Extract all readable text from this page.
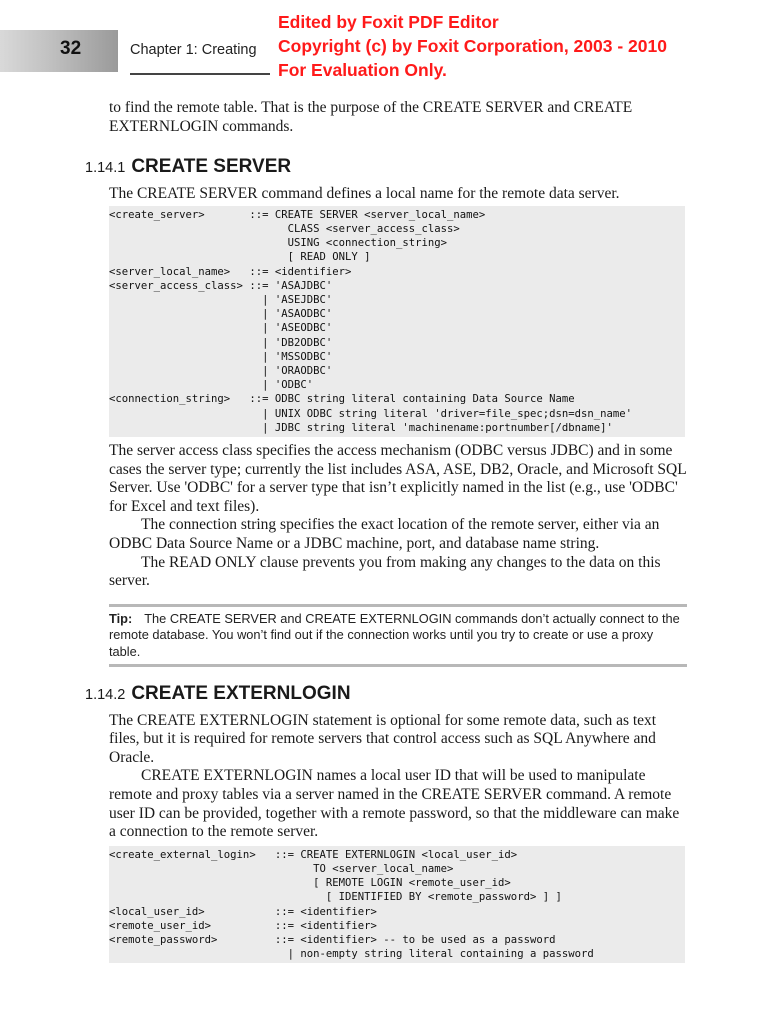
32	Chapter 1: Creating
Edited by Foxit PDF Editor
Copyright (c) by Foxit Corporation, 2003 - 2010
For Evaluation Only.

to find the remote table. That is the purpose of the CREATE SERVER and CREATE EXTERNLOGIN commands.

1.14.1 CREATE SERVER

The CREATE SERVER command defines a local name for the remote data server.

<create_server>       ::= CREATE SERVER <server_local_name>
CLASS <server_access_class>
USING <connection_string>
[ READ ONLY ]
<server_local_name>   ::= <identifier>
<server_access_class> ::= 'ASAJDBC'
| 'ASEJDBC'
| 'ASAODBC'
| 'ASEODBC'
| 'DB2ODBC'
| 'MSSODBC'
| 'ORAODBC'
| 'ODBC'
<connection_string>   ::= ODBC string literal containing Data Source Name
| UNIX ODBC string literal 'driver=file_spec;dsn=dsn_name'
| JDBC string literal 'machinename:portnumber[/dbname]'

The server access class specifies the access mechanism (ODBC versus JDBC) and in some cases the server type; currently the list includes ASA, ASE, DB2, Oracle, and Microsoft SQL Server. Use 'ODBC' for a server type that isn’t explicitly named in the list (e.g., use 'ODBC' for Excel and text files).

The connection string specifies the exact location of the remote server, either via an ODBC Data Source Name or a JDBC machine, port, and database name string.

The READ ONLY clause prevents you from making any changes to the data on this server.

Tip: The CREATE SERVER and CREATE EXTERNLOGIN commands don’t actually connect to the remote database. You won’t find out if the connection works until you try to create or use a proxy table.

1.14.2 CREATE EXTERNLOGIN

The CREATE EXTERNLOGIN statement is optional for some remote data, such as text files, but it is required for remote servers that control access such as SQL Anywhere and Oracle.

CREATE EXTERNLOGIN names a local user ID that will be used to manipulate remote and proxy tables via a server named in the CREATE SERVER command. A remote user ID can be provided, together with a remote password, so that the middleware can make a connection to the remote server.

<create_external_login>   ::= CREATE EXTERNLOGIN <local_user_id>
TO <server_local_name>
[ REMOTE LOGIN <remote_user_id>
[ IDENTIFIED BY <remote_password> ] ]
<local_user_id>           ::= <identifier>
<remote_user_id>          ::= <identifier>
<remote_password>         ::= <identifier> -- to be used as a password
| non-empty string literal containing a password
